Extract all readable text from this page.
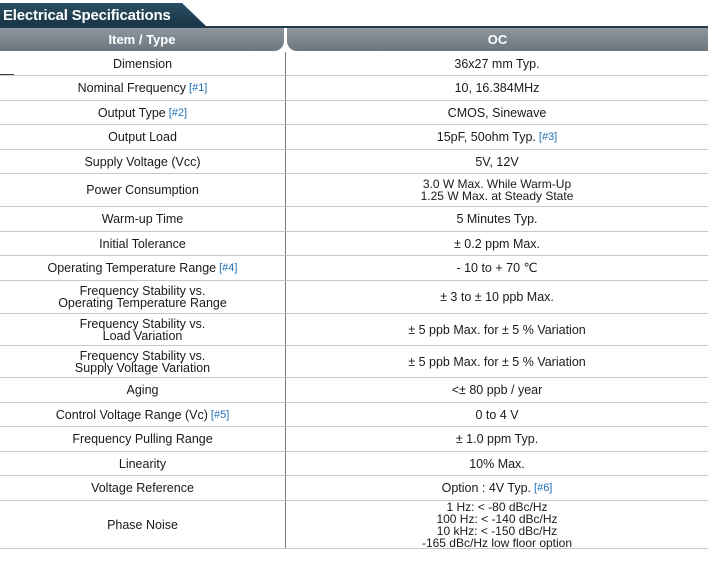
Electrical Specifications
Item / Type	OC
Dimension	36x27 mm Typ.
Nominal Frequency [#1]	10, 16.384MHz
Output Type [#2]	CMOS, Sinewave
Output Load	15pF, 50ohm Typ. [#3]
Supply Voltage (Vcc)	5V, 12V
Power Consumption	3.0 W Max. While Warm-Up
1.25 W Max. at Steady State
Warm-up Time	5 Minutes Typ.
Initial Tolerance	± 0.2 ppm Max.
Operating Temperature Range [#4]	- 10 to + 70 ℃
Frequency Stability vs.
Operating Temperature Range	± 3 to ± 10 ppb Max.
Frequency Stability vs.
Load Variation	± 5 ppb Max. for ± 5 % Variation
Frequency Stability vs.
Supply Voltage Variation	± 5 ppb Max. for ± 5 % Variation
Aging	<± 80 ppb / year
Control Voltage Range (Vc) [#5]	0 to 4 V
Frequency Pulling Range	± 1.0 ppm Typ.
Linearity	10% Max.
Voltage Reference	Option : 4V Typ. [#6]
Phase Noise
1 Hz: < -80 dBc/Hz
100 Hz: < -140 dBc/Hz
10 kHz: < -150 dBc/Hz
-165 dBc/Hz low floor option
